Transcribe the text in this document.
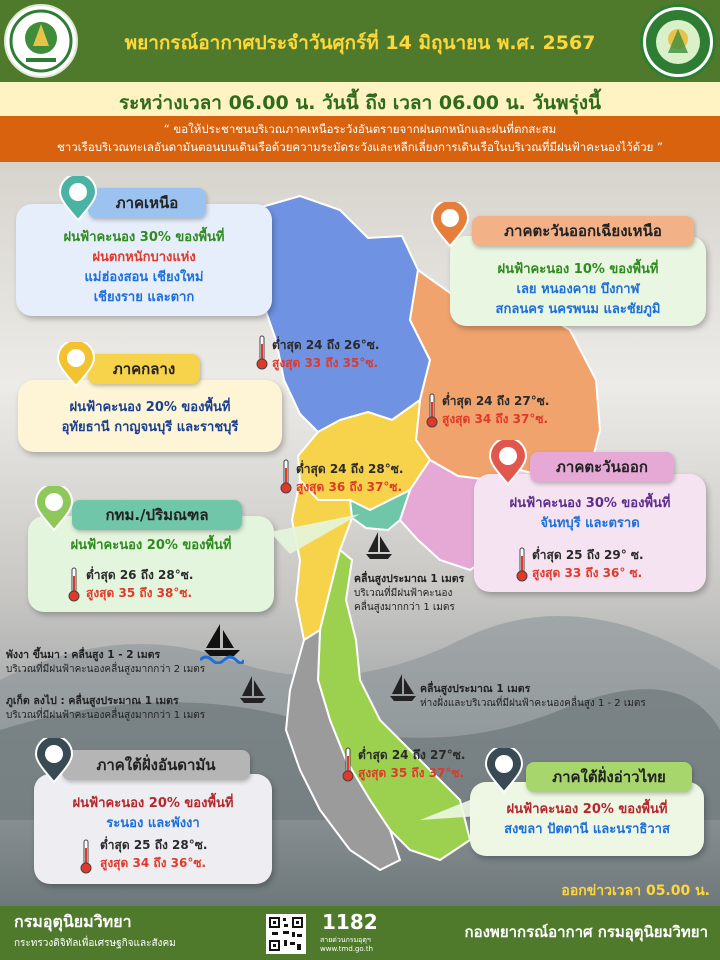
พยากรณ์อากาศประจำวันศุกร์ที่ 14 มิถุนายน พ.ศ. 2567
ระหว่างเวลา 06.00 น. วันนี้ ถึง เวลา 06.00 น. วันพรุ่งนี้
“ ขอให้ประชาชนบริเวณภาคเหนือระวังอันตรายจากฝนตกหนักและฝนที่ตกสะสม
ชาวเรือบริเวณทะเลอันดามันตอนบนเดินเรือด้วยความระมัดระวังและหลีกเลี่ยงการเดินเรือในบริเวณที่มีฝนฟ้าคะนองไว้ด้วย ”
ฝนฟ้าคะนอง 30% ของพื้นที่
ฝนตกหนักบางแห่ง
แม่ฮ่องสอน เชียงใหม่
เชียงราย และตาก
ภาคเหนือ
ต่ำสุด 24 ถึง 26°ซ.
สูงสุด 33 ถึง 35°ซ.
ฝนฟ้าคะนอง 10% ของพื้นที่
เลย หนองคาย บึงกาฬ
สกลนคร นครพนม และชัยภูมิ
ภาคตะวันออกเฉียงเหนือ
ต่ำสุด 24 ถึง 27°ซ.
สูงสุด 34 ถึง 37°ซ.
ฝนฟ้าคะนอง 20% ของพื้นที่
อุทัยธานี กาญจนบุรี และราชบุรี
ภาคกลาง
ต่ำสุด 24 ถึง 28°ซ.
สูงสุด 36 ถึง 37°ซ.
ฝนฟ้าคะนอง 30% ของพื้นที่
จันทบุรี และตราด
ภาคตะวันออก
ต่ำสุด 25 ถึง 29° ซ.
สูงสุด 33 ถึง 36° ซ.
ฝนฟ้าคะนอง 20% ของพื้นที่
กทม./ปริมณฑล
ต่ำสุด 26 ถึง 28°ซ.
สูงสุด 35 ถึง 38°ซ.
คลื่นสูงประมาณ 1 เมตร
บริเวณที่มีฝนฟ้าคะนอง
คลื่นสูงมากกว่า 1 เมตร
พังงา ขึ้นมา : คลื่นสูง 1 - 2 เมตร
บริเวณที่มีฝนฟ้าคะนองคลื่นสูงมากกว่า 2 เมตร
ภูเก็ต ลงไป : คลื่นสูงประมาณ 1 เมตร
บริเวณที่มีฝนฟ้าคะนองคลื่นสูงมากกว่า 1 เมตร
คลื่นสูงประมาณ 1 เมตร
ห่างฝั่งและบริเวณที่มีฝนฟ้าคะนองคลื่นสูง 1 - 2 เมตร
ต่ำสุด 24 ถึง 27°ซ.
สูงสุด 35 ถึง 37°ซ.
ฝนฟ้าคะนอง 20% ของพื้นที่
ระนอง และพังงา
ภาคใต้ฝั่งอันดามัน
ต่ำสุด 25 ถึง 28°ซ.
สูงสุด 34 ถึง 36°ซ.
ฝนฟ้าคะนอง 20% ของพื้นที่
สงขลา ปัตตานี และนราธิวาส
ภาคใต้ฝั่งอ่าวไทย
ออกข่าวเวลา 05.00 น.
กรมอุตุนิยมวิทยา
กระทรวงดิจิทัลเพื่อเศรษฐกิจและสังคม
1182
สายด่วนกรมอุตุฯ
www.tmd.go.th
กองพยากรณ์อากาศ กรมอุตุนิยมวิทยา
